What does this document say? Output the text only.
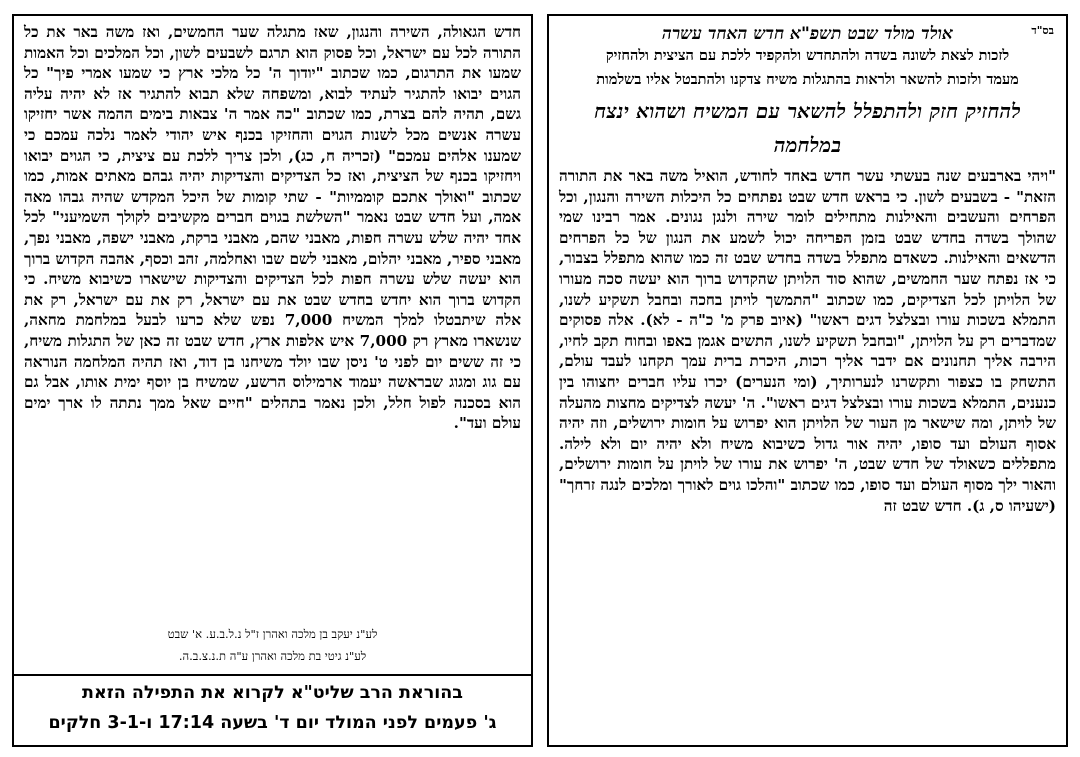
בס"ד
אולד מולד שבט תשפ"א חדש האחד עשרה
לזכות לצאת לשונה בשדה ולהתחדש ולהקפיד ללכת עם הציצית ולהחזיק
מעמד ולזכות להשאר ולראות בהתגלות משיח צדקנו ולהתבטל אליו בשלמות
להחזיק חזק ולהתפלל להשאר עם המשיח ושהוא ינצח במלחמה

"ויהי בארבעים שנה בעשתי עשר חדש באחד לחודש, הואיל משה באר את התורה הזאת" - בשבעים לשון. כי בראש חדש שבט נפתחים כל היכלות השירה והנגון, וכל הפרחים והעשבים והאילנות מתחילים לומר שירה ולנגן נגונים. אמר רבינו שמי שהולך בשדה בחדש שבט בזמן הפריחה יכול לשמע את הנגון של כל הפרחים הדשאים והאילנות. כשאדם מתפלל בשדה בחדש שבט זה כמו שהוא מתפלל בצבור, כי אז נפתח שער החמשים, שהוא סוד הלויתן שהקדוש ברוך הוא יעשה סכה מעורו של הלויתן לכל הצדיקים, כמו שכתוב "התמשך לויתן בחכה ובחבל תשקיע לשנו, התמלא בשכות עורו ובצלצל דגים ראשו" (איוב פרק מ' כ"ה - לא). אלה פסוקים שמדברים רק על הלויתן, "ובחבל תשקיע לשנו, התשים אגמן באפו ובחוח תקב לחיו, הירבה אליך תחנונים אם ידבר אליך רכות, היכרת ברית עמך תקחנו לעבד עולם, התשחק בו כצפור ותקשרנו לנערותיך, (ומי הנערים) יכרו עליו חברים יחצוהו בין כנענים, התמלא בשכות עורו ובצלצל דגים ראשו". ה' יעשה לצדיקים מחצות מהעלה של לויתן, ומה שישאר מן העור של הלויתן הוא יפרוש על חומות ירושלים, וזה יהיה אסוף העולם ועד סופו, יהיה אור גדול כשיבוא משיח ולא יהיה יום ולא לילה. מתפללים כשאולד של חדש שבט, ה' יפרוש את עורו של לויתן על חומות ירושלים, והאור ילך מסוף העולם ועד סופו, כמו שכתוב "והלכו גוים לאורך ומלכים לנגה זרחך" (ישעיהו ס, ג). חדש שבט זה

חדש הגאולה, השירה והנגון, שאז מתגלה שער החמשים, ואז משה באר את כל התורה לכל עם ישראל, וכל פסוק הוא תרגם לשבעים לשון, וכל המלכים וכל האמות שמעו את התרגום, כמו שכתוב "יודוך ה' כל מלכי ארץ כי שמעו אמרי פיך" כל הגוים יבואו להתגיר לעתיד לבוא, ומשפחה שלא תבוא להתגיר אז לא יהיה עליה גשם, תהיה להם בצרת, כמו שכתוב "כה אמר ה' צבאות בימים ההמה אשר יחזיקו עשרה אנשים מכל לשנות הגוים והחזיקו בכנף איש יהודי לאמר נלכה עמכם כי שמענו אלהים עמכם" (זכריה ח, כג), ולכן צריך ללכת עם ציצית, כי הגוים יבואו ויחזיקו בכנף של הציצית, ואז כל הצדיקים והצדיקות יהיה גבהם מאתים אמות, כמו שכתוב "ואולך אתכם קוממיות" - שתי קומות של היכל המקדש שהיה גבהו מאה אמה, ועל חדש שבט נאמר "השלשת בגוים חברים מקשיבים לקולך השמיעני" לכל אחד יהיה שלש עשרה חפות, מאבני שהם, מאבני ברקת, מאבני ישפה, מאבני נפך, מאבני ספיר, מאבני יהלום, מאבני לשם שבו ואחלמה, זהב וכסף, אהבה הקדוש ברוך הוא יעשה שלש עשרה חפות לכל הצדיקים והצדיקות שישארו כשיבוא משיח. כי הקדוש ברוך הוא יחדש בחדש שבט את עם ישראל, רק את עם ישראל, רק את אלה שיתבטלו למלך המשיח 7,000 נפש שלא כרעו לבעל במלחמת מחאה, שנשארו מארץ רק 7,000 איש אלפות ארץ, חדש שבט זה כאן של התגלות משיח, כי זה ששים יום לפני ט' ניסן שבו יולד משיחנו בן דוד, ואז תהיה המלחמה הנוראה עם גוג ומגוג שבראשה יעמוד ארמילוס הרשע, שמשיח בן יוסף ימית אותו, אבל גם הוא בסכנה לפול חלל, ולכן נאמר בתהלים "חיים שאל ממך נתתה לו ארך ימים עולם ועד".

לע"נ יעקב בן מלכה ואהרן ז"ל נ.ל.ב.ע. א' שבט
לע"נ גיטי בת מלכה ואהרן ע"ה ת.נ.צ.ב.ה.
בהוראת הרב שליט"א לקרוא את התפילה הזאת
ג' פעמים לפני המולד יום ד' בשעה 17:14 ו-3-1 חלקים
